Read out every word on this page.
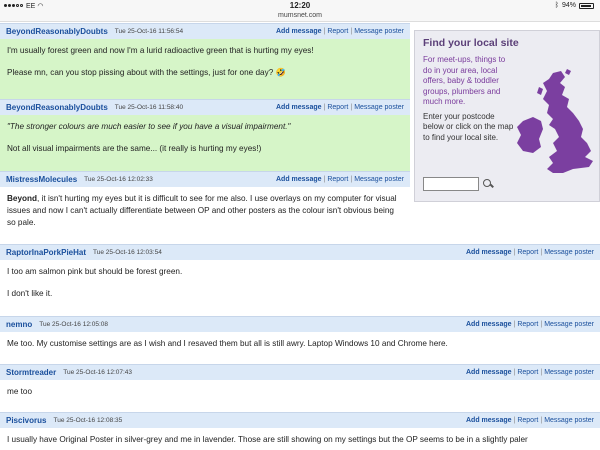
EE ◠	12:20	ᛒ 94%
mumsnet.com
BeyondReasonablyDoubts Tue 25-Oct-16 11:56:54	Add message | Report | Message poster

I'm usually forest green and now I'm a lurid radioactive green that is hurting my eyes!

Please mn, can you stop pissing about with the settings, just for one day? 🤣

BeyondReasonablyDoubts Tue 25-Oct-16 11:58:40	Add message | Report | Message poster

"The stronger colours are much easier to see if you have a visual impairment."

Not all visual impairments are the same... (it really is hurting my eyes!)

MistressMolecules Tue 25-Oct-16 12:02:33	Add message | Report | Message poster

Beyond, it isn't hurting my eyes but it is difficult to see for me also. I use overlays on my computer for visual issues and now I can't actually differentiate between OP and other posters as the colour isn't obvious being so pale.

RaptorInaPorkPieHat Tue 25-Oct-16 12:03:54	Add message | Report | Message poster

I too am salmon pink but should be forest green.

I don't like it.

nemno Tue 25-Oct-16 12:05:08	Add message | Report | Message poster

Me too. My customise settings are as I wish and I resaved them but all is still awry. Laptop Windows 10 and Chrome here.

Stormtreader Tue 25-Oct-16 12:07:43	Add message | Report | Message poster

me too

Piscivorus Tue 25-Oct-16 12:08:35	Add message | Report | Message poster

I usually have Original Poster in silver-grey and me in lavender. Those are still showing on my settings but the OP seems to be in a slightly paler

Find your local site
For meet-ups, things to do in your area, local offers, baby & toddler groups, plumbers and much more.
Enter your postcode below or click on the map to find your local site.
